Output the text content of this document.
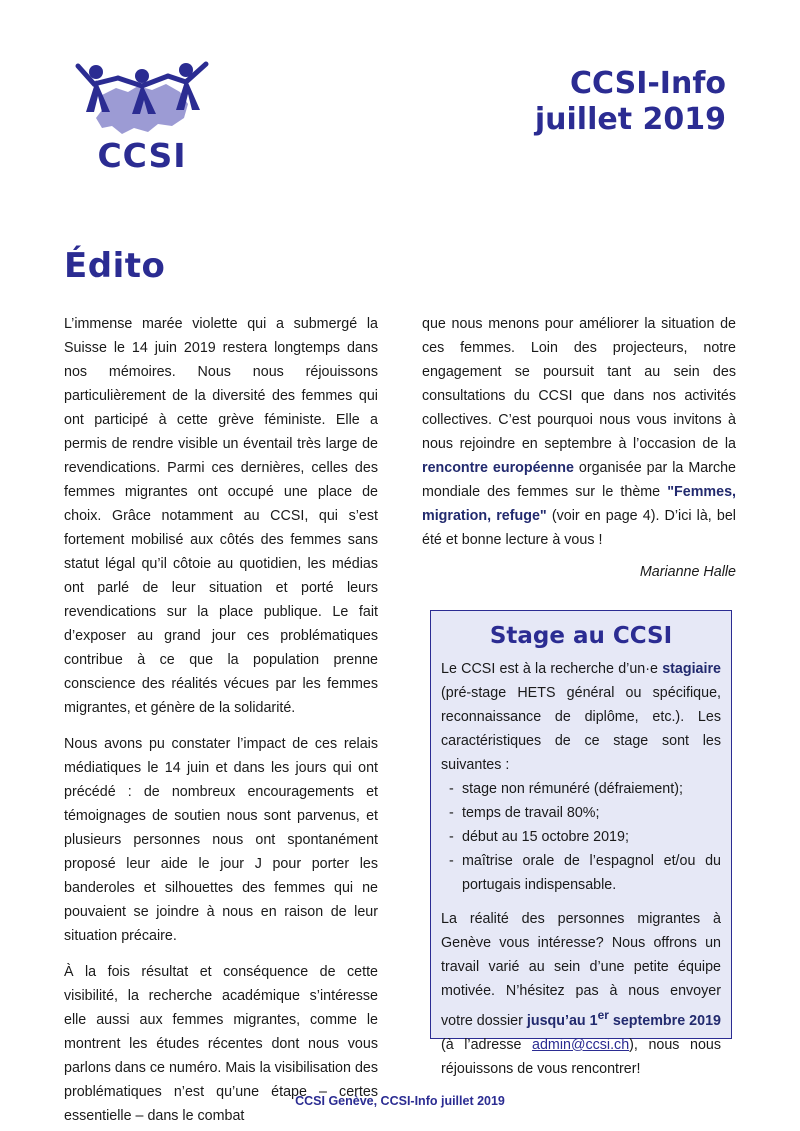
CCSI
CCSI-Info
juillet 2019
Édito

L’immense marée violette qui a submergé la Suisse le 14 juin 2019 restera longtemps dans nos mémoires. Nous nous réjouissons particulièrement de la diversité des femmes qui ont participé à cette grève féministe. Elle a permis de rendre visible un éventail très large de revendications. Parmi ces dernières, celles des femmes migrantes ont occupé une place de choix. Grâce notamment au CCSI, qui s’est fortement mobilisé aux côtés des femmes sans statut légal qu’il côtoie au quotidien, les médias ont parlé de leur situation et porté leurs revendications sur la place publique. Le fait d’exposer au grand jour ces problématiques contribue à ce que la population prenne conscience des réalités vécues par les femmes migrantes, et génère de la solidarité.

Nous avons pu constater l’impact de ces relais médiatiques le 14 juin et dans les jours qui ont précédé : de nombreux encouragements et témoignages de soutien nous sont parvenus, et plusieurs personnes nous ont spontanément proposé leur aide le jour J pour porter les banderoles et silhouettes des femmes qui ne pouvaient se joindre à nous en raison de leur situation précaire.

À la fois résultat et conséquence de cette visibilité, la recherche académique s’intéresse elle aussi aux femmes migrantes, comme le montrent les études récentes dont nous vous parlons dans ce numéro. Mais la visibilisation des problématiques n’est qu’une étape – certes essentielle – dans le combat

que nous menons pour améliorer la situation de ces femmes. Loin des projecteurs, notre engagement se poursuit tant au sein des consultations du CCSI que dans nos activités collectives. C’est pourquoi nous vous invitons à nous rejoindre en septembre à l’occasion de la rencontre européenne organisée par la Marche mondiale des femmes sur le thème "Femmes, migration, refuge" (voir en page 4). D’ici là, bel été et bonne lecture à vous !

Marianne Halle

Stage au CCSI

Le CCSI est à la recherche d’un·e stagiaire (pré-stage HETS général ou spécifique, reconnaissance de diplôme, etc.). Les caractéristiques de ce stage sont les suivantes :

- stage non rémunéré (défraiement);
- temps de travail 80%;
- début au 15 octobre 2019;
- maîtrise orale de l’espagnol et/ou du portugais indispensable.

La réalité des personnes migrantes à Genève vous intéresse? Nous offrons un travail varié au sein d’une petite équipe motivée. N’hésitez pas à nous envoyer votre dossier jusqu’au 1er septembre 2019 (à l’adresse admin@ccsi.ch), nous nous réjouissons de vous rencontrer!

CCSI Genève, CCSI-Info juillet 2019
